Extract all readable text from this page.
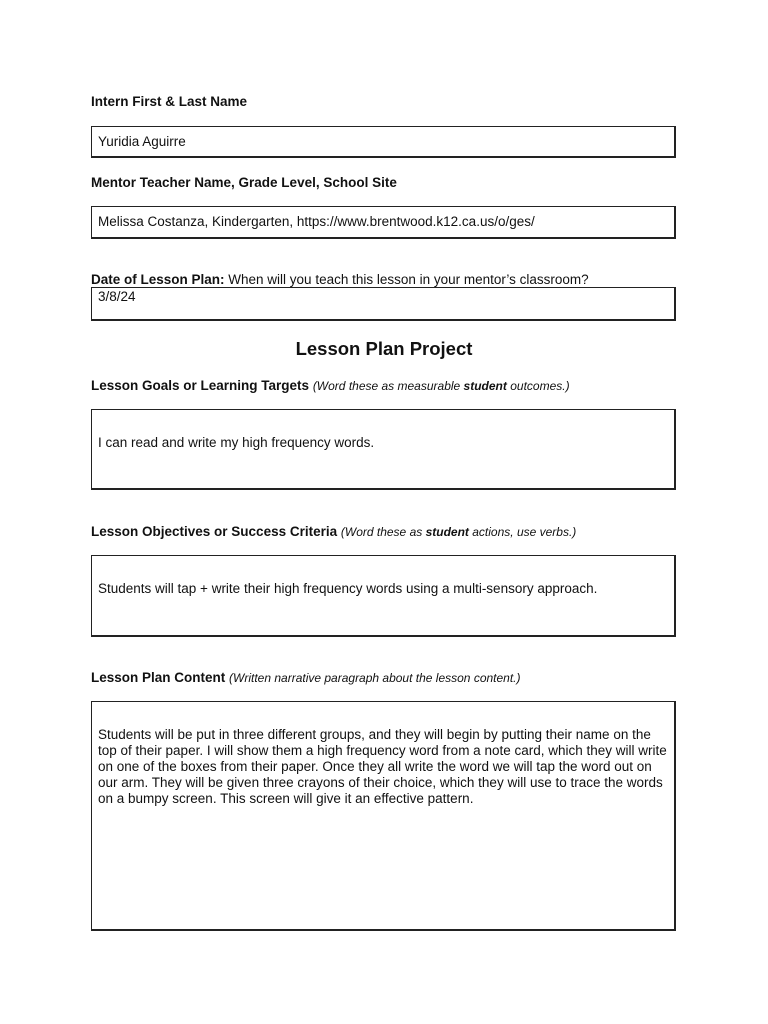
Intern First & Last Name
Yuridia Aguirre
Mentor Teacher Name, Grade Level, School Site
Melissa Costanza, Kindergarten, https://www.brentwood.k12.ca.us/o/ges/
Date of Lesson Plan: When will you teach this lesson in your mentor’s classroom?
3/8/24
Lesson Plan Project
Lesson Goals or Learning Targets (Word these as measurable student outcomes.)
I can read and write my high frequency words.
Lesson Objectives or Success Criteria (Word these as student actions, use verbs.)
Students will tap + write their high frequency words using a multi-sensory approach.
Lesson Plan Content (Written narrative paragraph about the lesson content.)
Students will be put in three different groups, and they will begin by putting their name on the top of their paper. I will show them a high frequency word from a note card, which they will write on one of the boxes from their paper. Once they all write the word we will tap the word out on our arm. They will be given three crayons of their choice, which they will use to trace the words on a bumpy screen. This screen will give it an effective pattern.
